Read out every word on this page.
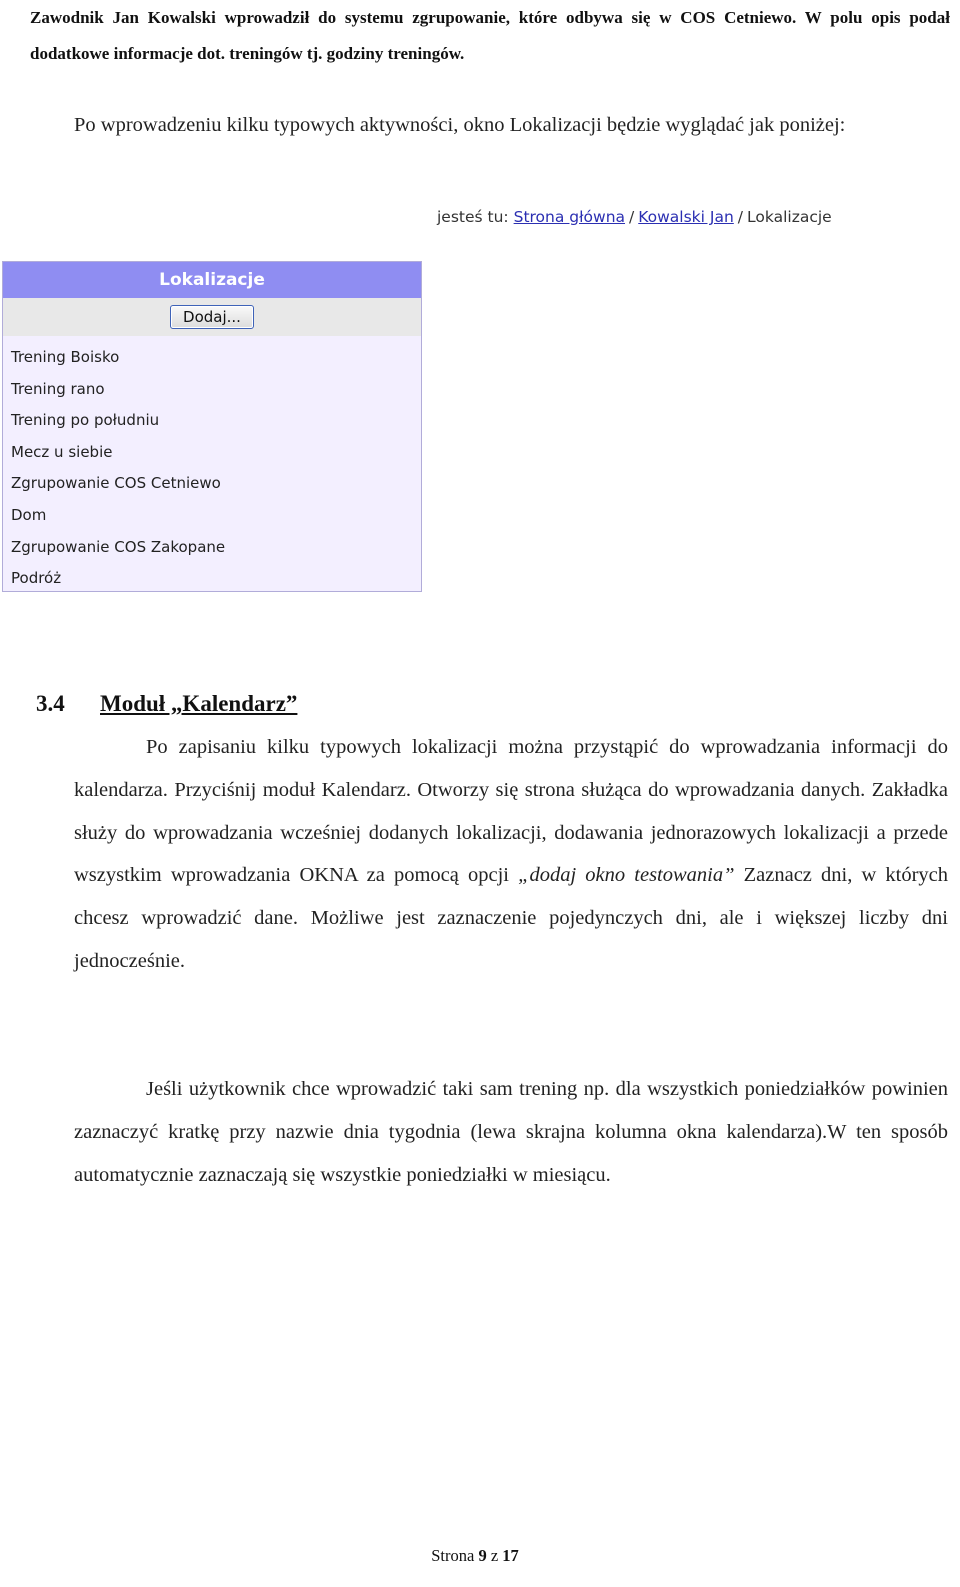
Zawodnik Jan Kowalski wprowadził do systemu zgrupowanie, które odbywa się w COS Cetniewo. W polu opis podał dodatkowe informacje dot. treningów tj. godziny treningów.
Po wprowadzeniu kilku typowych aktywności, okno Lokalizacji będzie wyglądać jak poniżej:
jesteś tu: Strona główna / Kowalski Jan / Lokalizacje
Lokalizacje
Dodaj...
Trening Boisko
Trening rano
Trening po południu
Mecz u siebie
Zgrupowanie COS Cetniewo
Dom
Zgrupowanie COS Zakopane
Podróż
3.4 Moduł „Kalendarz”
Po zapisaniu kilku typowych lokalizacji można przystąpić do wprowadzania informacji do kalendarza. Przyciśnij moduł Kalendarz. Otworzy się strona służąca do wprowadzania danych. Zakładka służy do wprowadzania wcześniej dodanych lokalizacji, dodawania jednorazowych lokalizacji a przede wszystkim wprowadzania OKNA za pomocą opcji „dodaj okno testowania” Zaznacz dni, w których chcesz wprowadzić dane. Możliwe jest zaznaczenie pojedynczych dni, ale i większej liczby dni jednocześnie.
Jeśli użytkownik chce wprowadzić taki sam trening np. dla wszystkich poniedziałków powinien zaznaczyć kratkę przy nazwie dnia tygodnia (lewa skrajna kolumna okna kalendarza).W ten sposób automatycznie zaznaczają się wszystkie poniedziałki w miesiącu.
Strona 9 z 17
